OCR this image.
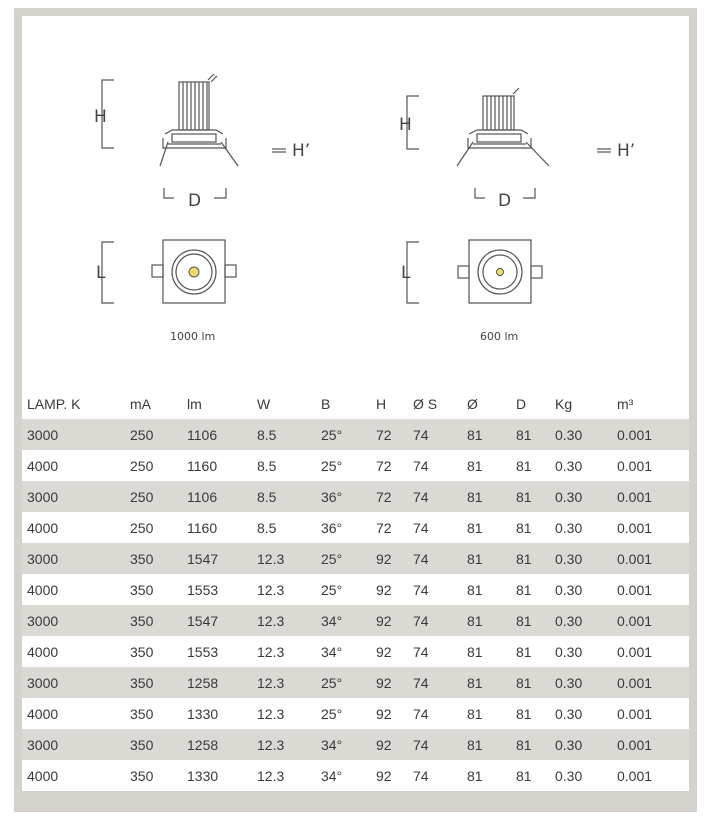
H
H’
D
L
H
H’
D
L
1000 lm	600 lm
LAMP. K	mA	lm	W	B	H	Ø S	Ø	D	Kg	m³
3000	250	1106	8.5	25°	72	74	81	81	0.30	0.001
4000	250	1160	8.5	25°	72	74	81	81	0.30	0.001
3000	250	1106	8.5	36°	72	74	81	81	0.30	0.001
4000	250	1160	8.5	36°	72	74	81	81	0.30	0.001
3000	350	1547	12.3	25°	92	74	81	81	0.30	0.001
4000	350	1553	12.3	25°	92	74	81	81	0.30	0.001
3000	350	1547	12.3	34°	92	74	81	81	0.30	0.001
4000	350	1553	12.3	34°	92	74	81	81	0.30	0.001
3000	350	1258	12.3	25°	92	74	81	81	0.30	0.001
4000	350	1330	12.3	25°	92	74	81	81	0.30	0.001
3000	350	1258	12.3	34°	92	74	81	81	0.30	0.001
4000	350	1330	12.3	34°	92	74	81	81	0.30	0.001
